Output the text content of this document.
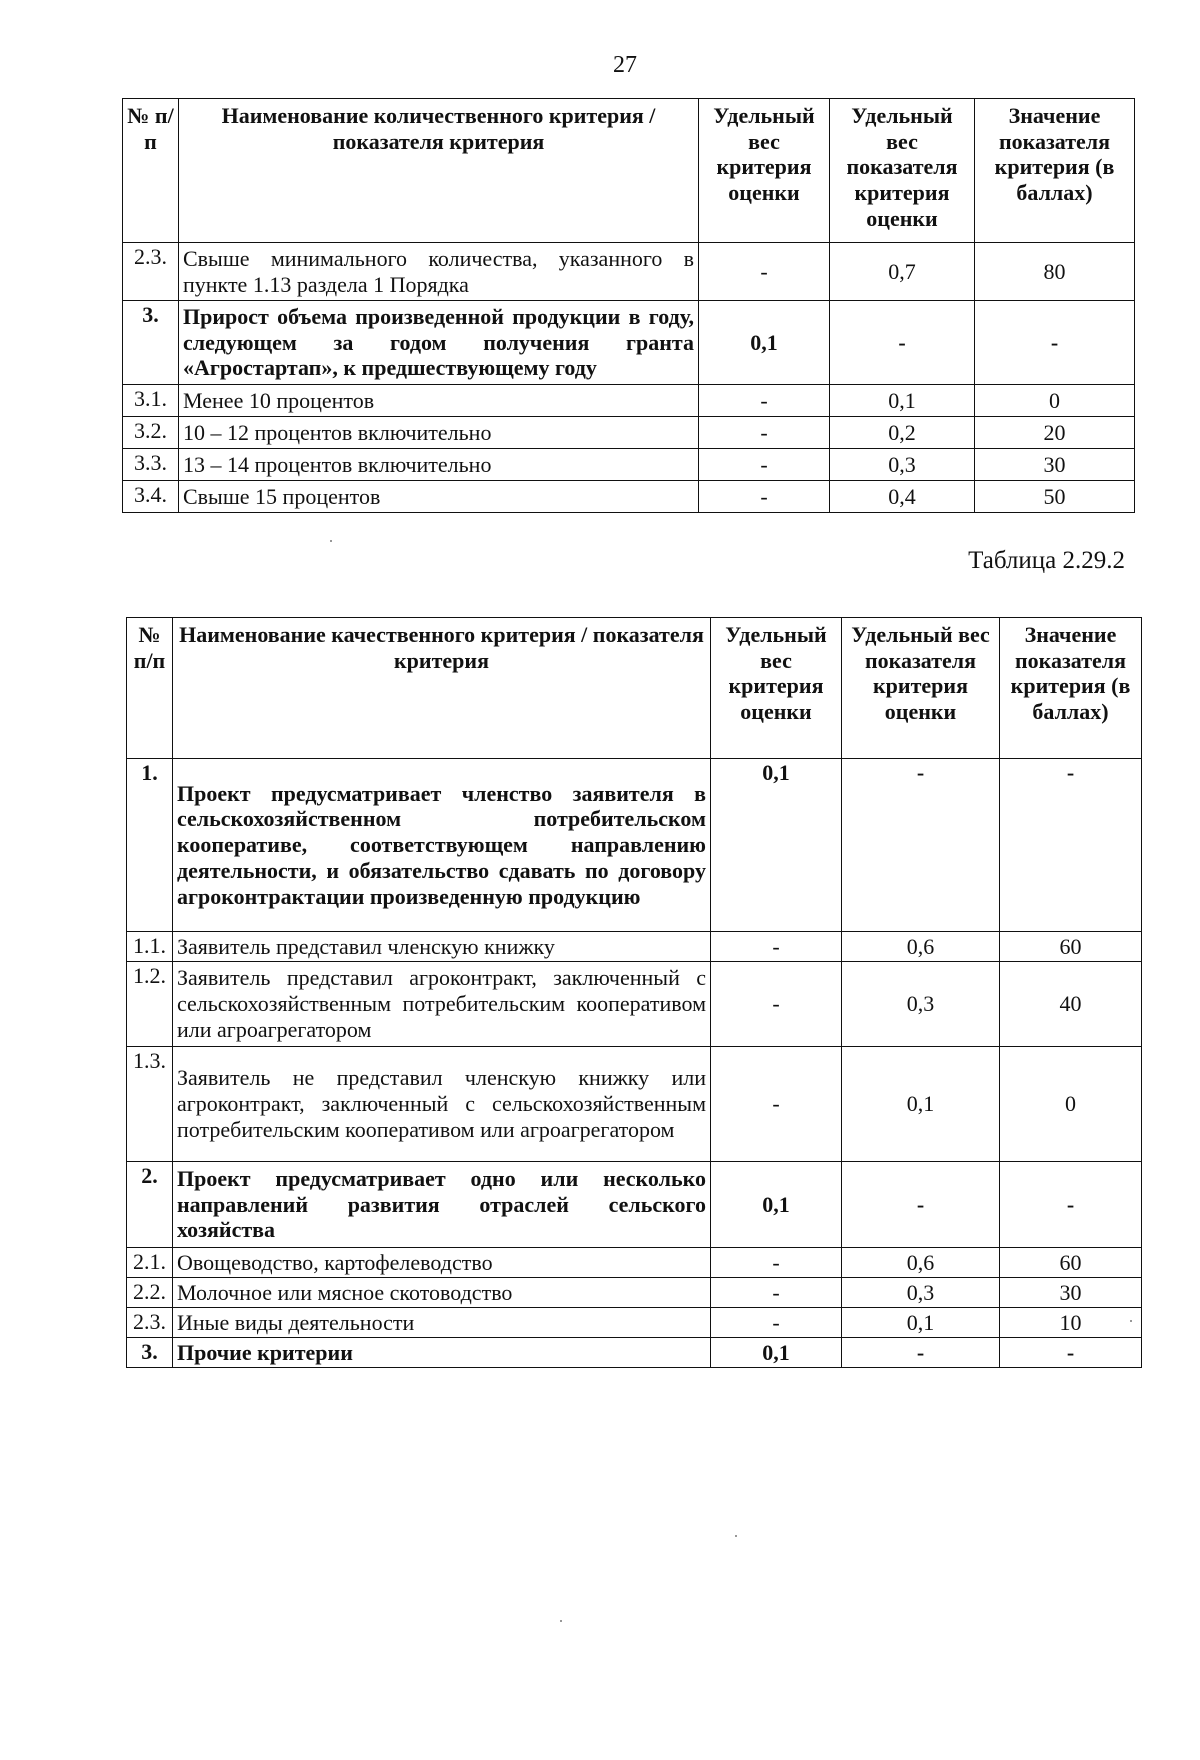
27
№ п/п	Наименование количественного критерия / показателя критерия	Удельный вес критерия оценки	Удельный вес показателя критерия оценки	Значение показателя критерия (в баллах)
2.3.	Свыше минимального количества, указанного в пункте 1.13 раздела 1 Порядка	-	0,7	80
3.	Прирост объема произведенной продукции в году, следующем за годом получения гранта «Агростартап», к предшествующему году	0,1	-	-
3.1.	Менее 10 процентов	-	0,1	0
3.2.	10 – 12 процентов включительно	-	0,2	20
3.3.	13 – 14 процентов включительно	-	0,3	30
3.4.	Свыше 15 процентов	-	0,4	50
Таблица 2.29.2
№ п/п	Наименование качественного критерия / показателя критерия	Удельный вес критерия оценки	Удельный вес показателя критерия оценки	Значение показателя критерия (в баллах)
1.	Проект предусматривает членство заявителя в сельскохозяйственном потребительском кооперативе, соответствующем направлению деятельности, и обязательство сдавать по договору агроконтрактации произведенную продукцию	0,1	-	-
1.1.	Заявитель представил членскую книжку	-	0,6	60
1.2.	Заявитель представил агроконтракт, заключенный с сельскохозяйственным потребительским кооперативом или агроагрегатором	-	0,3	40
1.3.	Заявитель не представил членскую книжку или агроконтракт, заключенный с сельскохозяйственным потребительским кооперативом или агроагрегатором	-	0,1	0
2.	Проект предусматривает одно или несколько направлений развития отраслей сельского хозяйства	0,1	-	-
2.1.	Овощеводство, картофелеводство	-	0,6	60
2.2.	Молочное или мясное скотоводство	-	0,3	30
2.3.	Иные виды деятельности	-	0,1	10
3.	Прочие критерии	0,1	-	-
